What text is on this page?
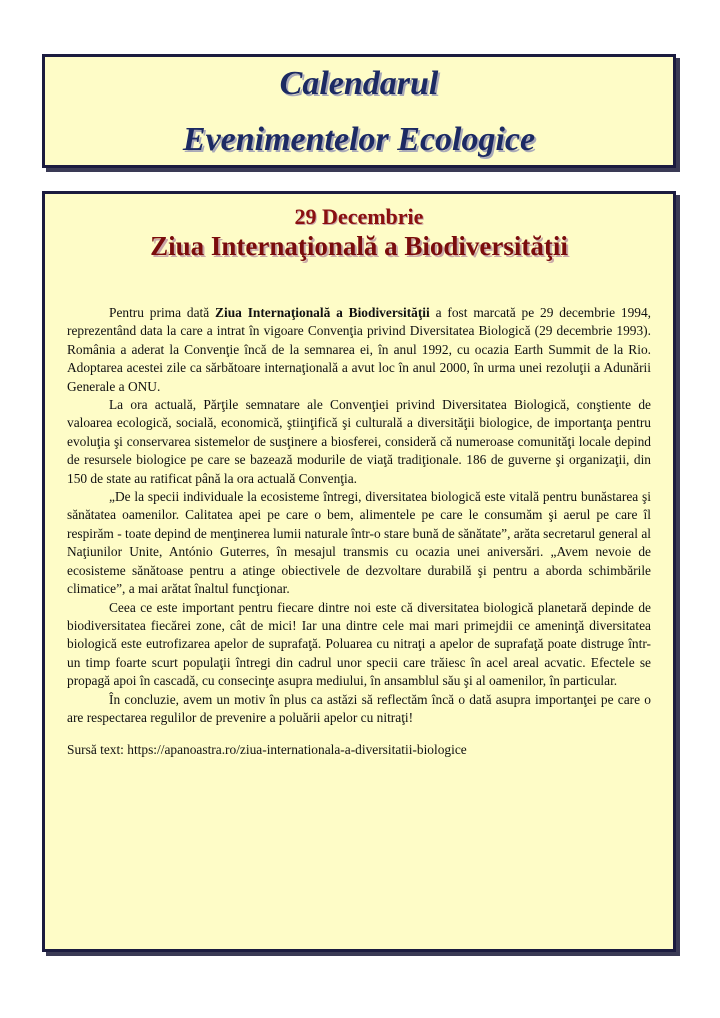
Calendarul
Evenimentelor Ecologice
29 Decembrie
Ziua Internaţională a Biodiversităţii

Pentru prima dată Ziua Internaţională a Biodiversităţii a fost marcată pe 29 decembrie 1994, reprezentând data la care a intrat în vigoare Convenţia privind Diversitatea Biologică (29 decembrie 1993). România a aderat la Convenţie încă de la semnarea ei, în anul 1992, cu ocazia Earth Summit de la Rio. Adoptarea acestei zile ca sărbătoare internaţională a avut loc în anul 2000, în urma unei rezoluţii a Adunării Generale a ONU.

La ora actuală, Părţile semnatare ale Convenţiei privind Diversitatea Biologică, conştiente de valoarea ecologică, socială, economică, ştiinţifică şi culturală a diversităţii biologice, de importanţa pentru evoluţia şi conservarea sistemelor de susţinere a biosferei, consideră că numeroase comunităţi locale depind de resursele biologice pe care se bazează modurile de viaţă tradiţionale. 186 de guverne şi organizaţii, din 150 de state au ratificat până la ora actuală Convenţia.

„De la specii individuale la ecosisteme întregi, diversitatea biologică este vitală pentru bunăstarea şi sănătatea oamenilor. Calitatea apei pe care o bem, alimentele pe care le consumăm şi aerul pe care îl respirăm - toate depind de menţinerea lumii naturale într-o stare bună de sănătate”, arăta secretarul general al Naţiunilor Unite, António Guterres, în mesajul transmis cu ocazia unei aniversări. „Avem nevoie de ecosisteme sănătoase pentru a atinge obiectivele de dezvoltare durabilă şi pentru a aborda schimbările climatice”, a mai arătat înaltul funcţionar.

Ceea ce este important pentru fiecare dintre noi este că diversitatea biologică planetară depinde de biodiversitatea fiecărei zone, cât de mici! Iar una dintre cele mai mari primejdii ce ameninţă diversitatea biologică este eutrofizarea apelor de suprafaţă. Poluarea cu nitraţi a apelor de suprafaţă poate distruge într-un timp foarte scurt populaţii întregi din cadrul unor specii care trăiesc în acel areal acvatic. Efectele se propagă apoi în cascadă, cu consecinţe asupra mediului, în ansamblul său şi al oamenilor, în particular.

În concluzie, avem un motiv în plus ca astăzi să reflectăm încă o dată asupra importanţei pe care o are respectarea regulilor de prevenire a poluării apelor cu nitraţi!

Sursă text: https://apanoastra.ro/ziua-internationala-a-diversitatii-biologice
